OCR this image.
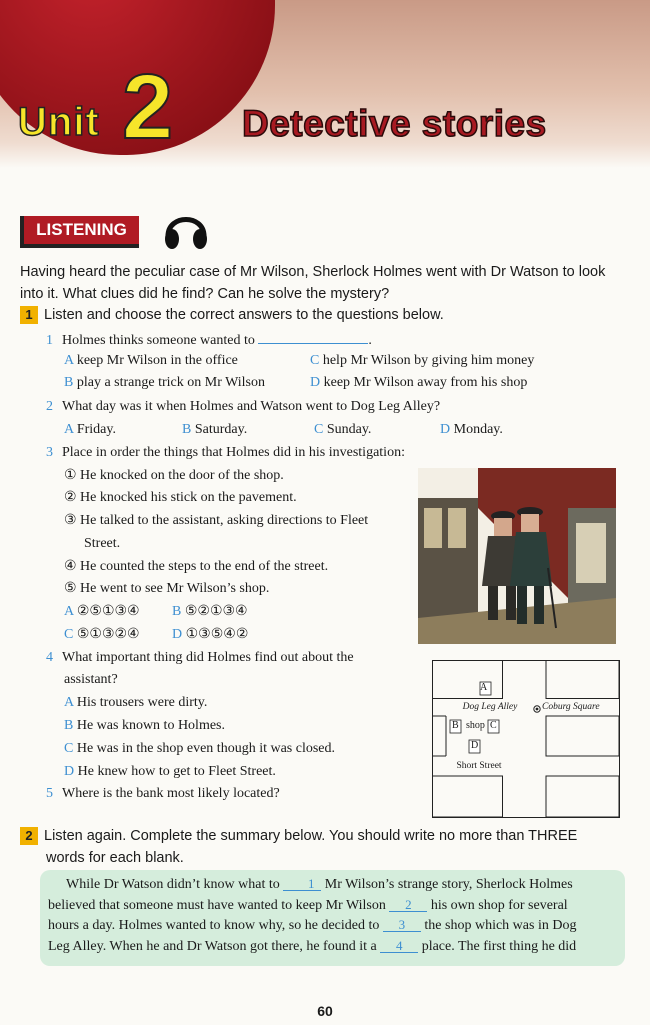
Unit 2 Detective stories
LISTENING
Having heard the peculiar case of Mr Wilson, Sherlock Holmes went with Dr Watson to look into it. What clues did he find? Can he solve the mystery?
1 Listen and choose the correct answers to the questions below.
1 Holmes thinks someone wanted to	.
A keep Mr Wilson in the office	C help Mr Wilson by giving him money
B play a strange trick on Mr Wilson	D keep Mr Wilson away from his shop
2 What day was it when Holmes and Watson went to Dog Leg Alley?
A Friday.	B Saturday.	C Sunday.	D Monday.
3 Place in order the things that Holmes did in his investigation:
① He knocked on the door of the shop.
② He knocked his stick on the pavement.
③ He talked to the assistant, asking directions to Fleet
Street.
④ He counted the steps to the end of the street.
⑤ He went to see Mr Wilson’s shop.
A ②⑤①③④ B ⑤②①③④
C ⑤①③②④ D ①③⑤④②
4 What important thing did Holmes find out about the
assistant?
A His trousers were dirty.
B He was known to Holmes.
C He was in the shop even though it was closed.
D He knew how to get to Fleet Street.
5 Where is the bank most likely located?
A
Dog Leg Alley	Coburg Square
B shop C
D
Short Street
2 Listen again. Complete the summary below. You should write no more than THREE
words for each blank.
While Dr Watson didn’t know what to 1 Mr Wilson’s strange story, Sherlock Holmes
believed that someone must have wanted to keep Mr Wilson 2 his own shop for several
hours a day. Holmes wanted to know why, so he decided to 3 the shop which was in Dog
Leg Alley. When he and Dr Watson got there, he found it a 4 place. The first thing he did
60
